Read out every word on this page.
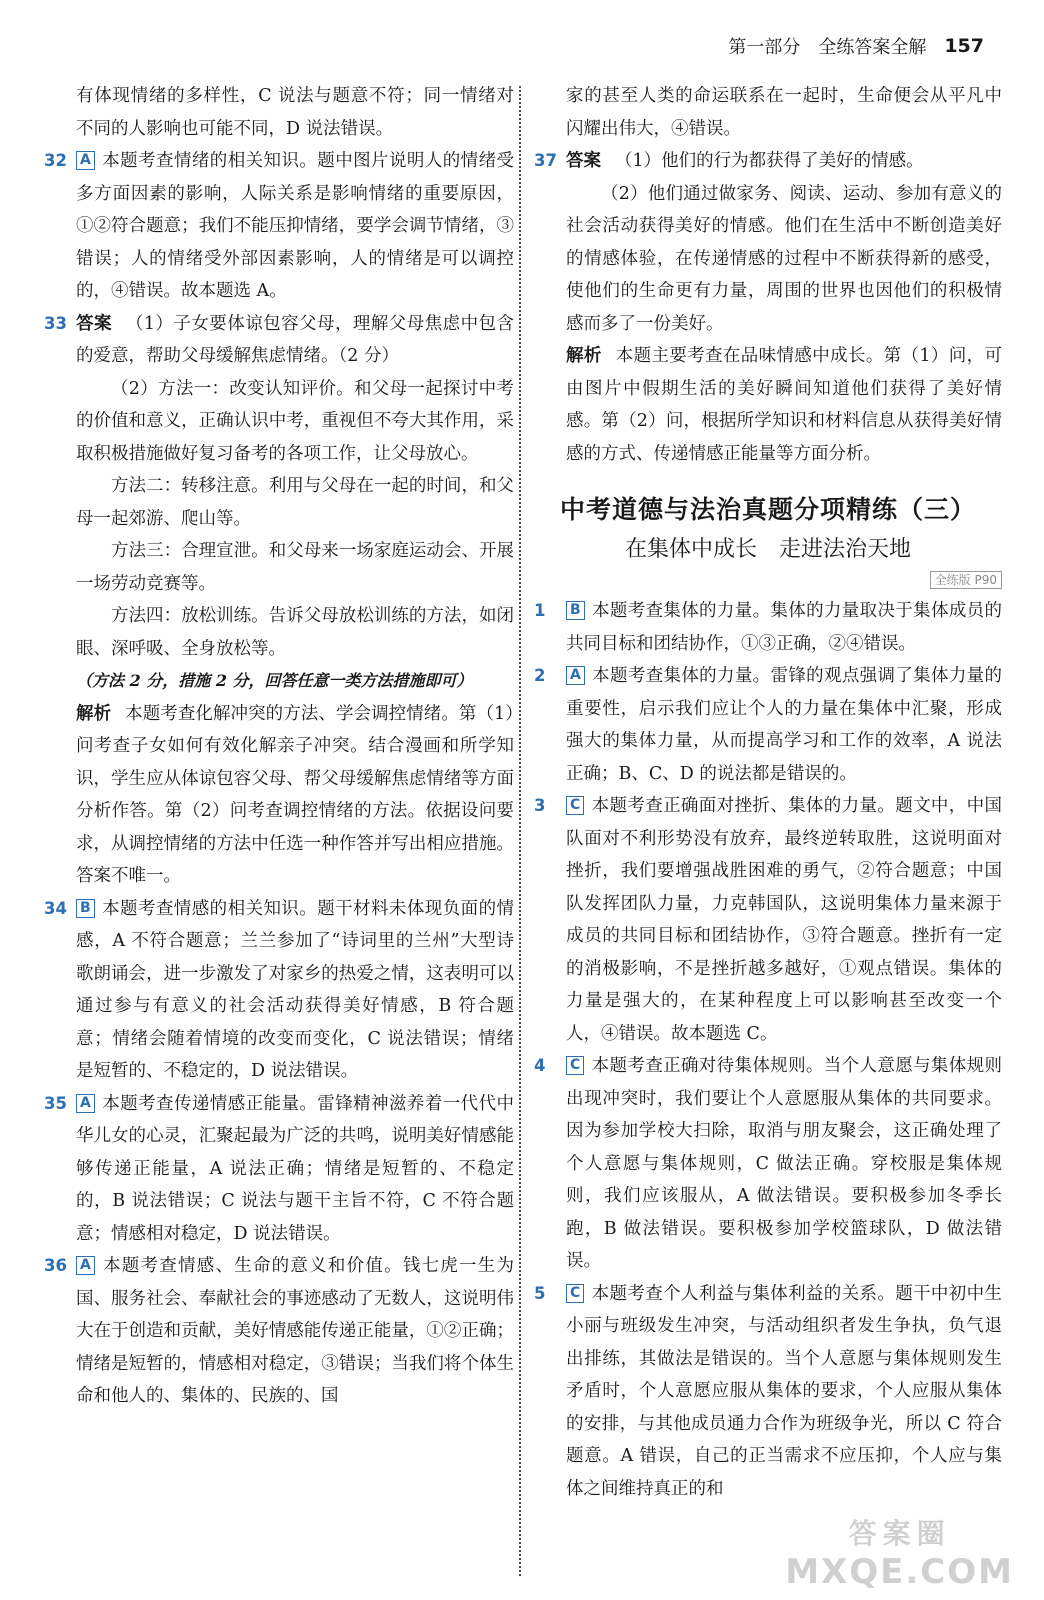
第一部分 全练答案全解 157

有体现情绪的多样性，C 说法与题意不符；同一情绪对不同的人影响也可能不同，D 说法错误。

32 A 本题考查情绪的相关知识。题中图片说明人的情绪受多方面因素的影响，人际关系是影响情绪的重要原因，①②符合题意；我们不能压抑情绪，要学会调节情绪，③错误；人的情绪受外部因素影响，人的情绪是可以调控的，④错误。故本题选 A。

33 答案 （1）子女要体谅包容父母，理解父母焦虑中包含的爱意，帮助父母缓解焦虑情绪。（2 分）

（2）方法一：改变认知评价。和父母一起探讨中考的价值和意义，正确认识中考，重视但不夸大其作用，采取积极措施做好复习备考的各项工作，让父母放心。

方法二：转移注意。利用与父母在一起的时间，和父母一起郊游、爬山等。

方法三：合理宣泄。和父母来一场家庭运动会、开展一场劳动竞赛等。

方法四：放松训练。告诉父母放松训练的方法，如闭眼、深呼吸、全身放松等。

（方法 2 分，措施 2 分，回答任意一类方法措施即可）

解析 本题考查化解冲突的方法、学会调控情绪。第（1）问考查子女如何有效化解亲子冲突。结合漫画和所学知识，学生应从体谅包容父母、帮父母缓解焦虑情绪等方面分析作答。第（2）问考查调控情绪的方法。依据设问要求，从调控情绪的方法中任选一种作答并写出相应措施。答案不唯一。

34 B 本题考查情感的相关知识。题干材料未体现负面的情感，A 不符合题意；兰兰参加了“诗词里的兰州”大型诗歌朗诵会，进一步激发了对家乡的热爱之情，这表明可以通过参与有意义的社会活动获得美好情感，B 符合题意；情绪会随着情境的改变而变化，C 说法错误；情绪是短暂的、不稳定的，D 说法错误。

35 A 本题考查传递情感正能量。雷锋精神滋养着一代代中华儿女的心灵，汇聚起最为广泛的共鸣，说明美好情感能够传递正能量，A 说法正确；情绪是短暂的、不稳定的，B 说法错误；C 说法与题干主旨不符，C 不符合题意；情感相对稳定，D 说法错误。

36 A 本题考查情感、生命的意义和价值。钱七虎一生为国、服务社会、奉献社会的事迹感动了无数人，这说明伟大在于创造和贡献，美好情感能传递正能量，①②正确；情绪是短暂的，情感相对稳定，③错误；当我们将个体生命和他人的、集体的、民族的、国

家的甚至人类的命运联系在一起时，生命便会从平凡中闪耀出伟大，④错误。

37 答案 （1）他们的行为都获得了美好的情感。

（2）他们通过做家务、阅读、运动、参加有意义的社会活动获得美好的情感。他们在生活中不断创造美好的情感体验，在传递情感的过程中不断获得新的感受，使他们的生命更有力量，周围的世界也因他们的积极情感而多了一份美好。

解析 本题主要考查在品味情感中成长。第（1）问，可由图片中假期生活的美好瞬间知道他们获得了美好情感。第（2）问，根据所学知识和材料信息从获得美好情感的方式、传递情感正能量等方面分析。

中考道德与法治真题分项精练（三）
在集体中成长　走进法治天地
全练版 P90

1 B 本题考查集体的力量。集体的力量取决于集体成员的共同目标和团结协作，①③正确，②④错误。

2 A 本题考查集体的力量。雷锋的观点强调了集体力量的重要性，启示我们应让个人的力量在集体中汇聚，形成强大的集体力量，从而提高学习和工作的效率，A 说法正确；B、C、D 的说法都是错误的。

3 C 本题考查正确面对挫折、集体的力量。题文中，中国队面对不利形势没有放弃，最终逆转取胜，这说明面对挫折，我们要增强战胜困难的勇气，②符合题意；中国队发挥团队力量，力克韩国队，这说明集体力量来源于成员的共同目标和团结协作，③符合题意。挫折有一定的消极影响，不是挫折越多越好，①观点错误。集体的力量是强大的，在某种程度上可以影响甚至改变一个人，④错误。故本题选 C。

4 C 本题考查正确对待集体规则。当个人意愿与集体规则出现冲突时，我们要让个人意愿服从集体的共同要求。因为参加学校大扫除，取消与朋友聚会，这正确处理了个人意愿与集体规则，C 做法正确。穿校服是集体规则，我们应该服从，A 做法错误。要积极参加冬季长跑，B 做法错误。要积极参加学校篮球队，D 做法错误。

5 C 本题考查个人利益与集体利益的关系。题干中初中生小丽与班级发生冲突，与活动组织者发生争执，负气退出排练，其做法是错误的。当个人意愿与集体规则发生矛盾时，个人意愿应服从集体的要求，个人应服从集体的安排，与其他成员通力合作为班级争光，所以 C 符合题意。A 错误，自己的正当需求不应压抑，个人应与集体之间维持真正的和

答案圈
MXQE.COM
